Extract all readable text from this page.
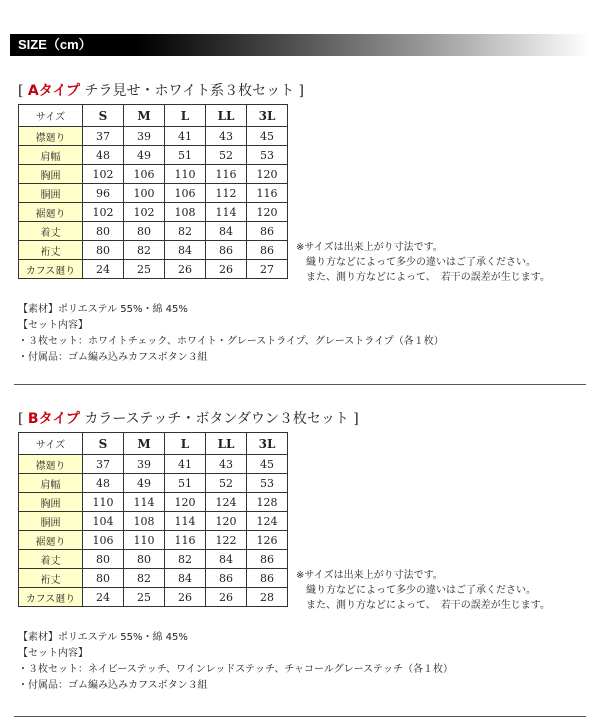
SIZE（cm）
[ Aタイプ チラ見せ・ホワイト系３枚セット ]
サイズ	S	M	L	LL	3L
襟廻り	37	39	41	43	45
肩幅	48	49	51	52	53
胸囲	102	106	110	116	120
胴囲	96	100	106	112	116
裾廻り	102	102	108	114	120
着丈	80	80	82	84	86
裄丈	80	82	84	86	86
カフス廻り	24	25	26	26	27
※サイズは出来上がり寸法です。
　織り方などによって多少の違いはご了承ください。
　また、測り方などによって、　若干の誤差が生じます。
【素材】ポリエステル 55%・綿 45%
【セット内容】
・３枚セット：ホワイトチェック、ホワイト・グレーストライプ、グレーストライプ（各１枚）
・付属品：ゴム編み込みカフスボタン３組
[ Bタイプ カラーステッチ・ボタンダウン３枚セット ]
サイズ	S	M	L	LL	3L
襟廻り	37	39	41	43	45
肩幅	48	49	51	52	53
胸囲	110	114	120	124	128
胴囲	104	108	114	120	124
裾廻り	106	110	116	122	126
着丈	80	80	82	84	86
裄丈	80	82	84	86	86
カフス廻り	24	25	26	26	28
※サイズは出来上がり寸法です。
　織り方などによって多少の違いはご了承ください。
　また、測り方などによって、　若干の誤差が生じます。
【素材】ポリエステル 55%・綿 45%
【セット内容】
・３枚セット：ネイビーステッチ、ワインレッドステッチ、チャコールグレーステッチ（各１枚）
・付属品：ゴム編み込みカフスボタン３組
